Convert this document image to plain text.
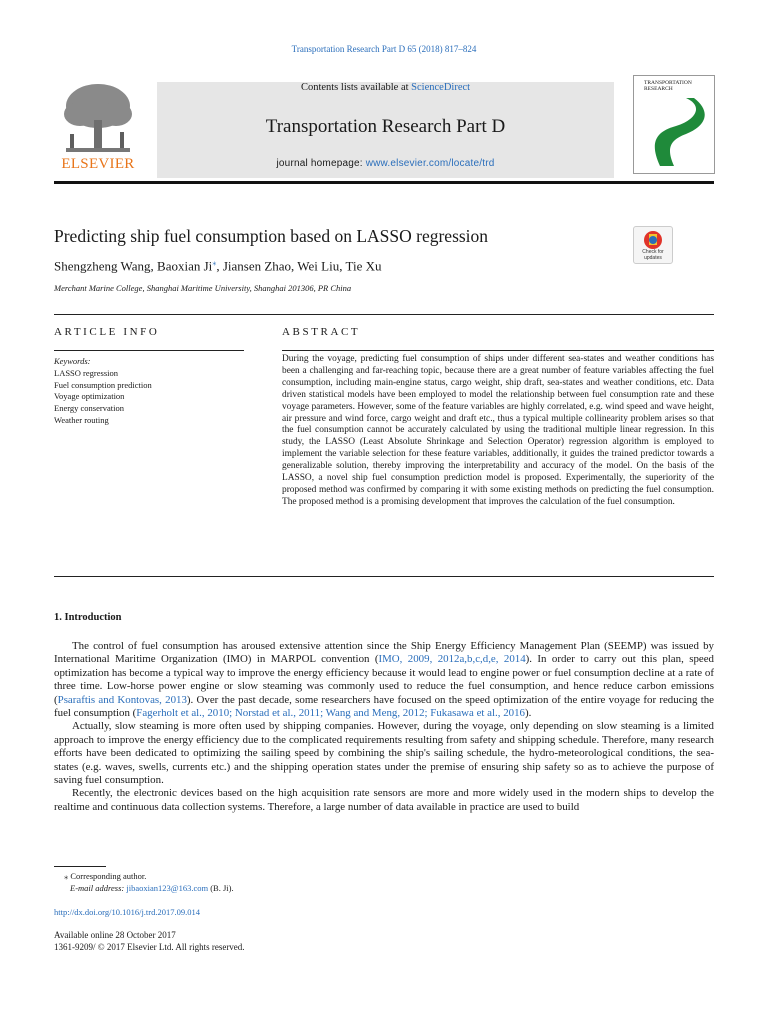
Transportation Research Part D 65 (2018) 817–824
ELSEVIER
Contents lists available at ScienceDirect
Transportation Research Part D
journal homepage: www.elsevier.com/locate/trd
TRANSPORTATION RESEARCH
Predicting ship fuel consumption based on LASSO regression
Shengzheng Wang, Baoxian Ji⁎, Jiansen Zhao, Wei Liu, Tie Xu
Merchant Marine College, Shanghai Maritime University, Shanghai 201306, PR China
Check for updates
ARTICLE INFO	ABSTRACT
Keywords:
LASSO regression
Fuel consumption prediction
Voyage optimization
Energy conservation
Weather routing
During the voyage, predicting fuel consumption of ships under different sea-states and weather conditions has been a challenging and far-reaching topic, because there are a great number of feature variables affecting the fuel consumption, including main-engine status, cargo weight, ship draft, sea-states and weather conditions, etc. Data driven statistical models have been employed to model the relationship between fuel consumption rate and these voyage parameters. However, some of the feature variables are highly correlated, e.g. wind speed and wave height, air pressure and wind force, cargo weight and draft etc., thus a typical multiple collinearity problem arises so that the fuel consumption cannot be accurately calculated by using the traditional multiple linear regression. In this study, the LASSO (Least Absolute Shrinkage and Selection Operator) regression algorithm is employed to implement the variable selection for these feature variables, additionally, it guides the trained predictor towards a generalizable solution, thereby improving the interpretability and accuracy of the model. On the basis of the LASSO, a novel ship fuel consumption prediction model is proposed. Experimentally, the superiority of the proposed method was confirmed by comparing it with some existing methods on predicting the fuel consumption. The proposed method is a promising development that improves the calculation of the fuel consumption.
1. Introduction

The control of fuel consumption has aroused extensive attention since the Ship Energy Efficiency Management Plan (SEEMP) was issued by International Maritime Organization (IMO) in MARPOL convention (IMO, 2009, 2012a,b,c,d,e, 2014). In order to carry out this plan, speed optimization has become a typical way to improve the energy efficiency because it would lead to engine power or fuel consumption decline at a rate of three time. Low-horse power engine or slow steaming was commonly used to reduce the fuel consumption, and hence reduce carbon emissions (Psaraftis and Kontovas, 2013). Over the past decade, some researchers have focused on the speed optimization of the entire voyage for reducing the fuel consumption (Fagerholt et al., 2010; Norstad et al., 2011; Wang and Meng, 2012; Fukasawa et al., 2016).

Actually, slow steaming is more often used by shipping companies. However, during the voyage, only depending on slow steaming is a limited approach to improve the energy efficiency due to the complicated requirements resulting from safety and shipping schedule. Therefore, many research efforts have been dedicated to optimizing the sailing speed by combining the ship's sailing schedule, the hydro-meteorological conditions, the sea-states (e.g. waves, swells, currents etc.) and the shipping operation states under the premise of ensuring ship safety so as to achieve the purpose of saving fuel consumption.

Recently, the electronic devices based on the high acquisition rate sensors are more and more widely used in the modern ships to develop the realtime and continuous data collection systems. Therefore, a large number of data available in practice are used to build

⁎ Corresponding author.
E-mail address: jibaoxian123@163.com (B. Ji).
http://dx.doi.org/10.1016/j.trd.2017.09.014
Available online 28 October 2017
1361-9209/ © 2017 Elsevier Ltd. All rights reserved.
